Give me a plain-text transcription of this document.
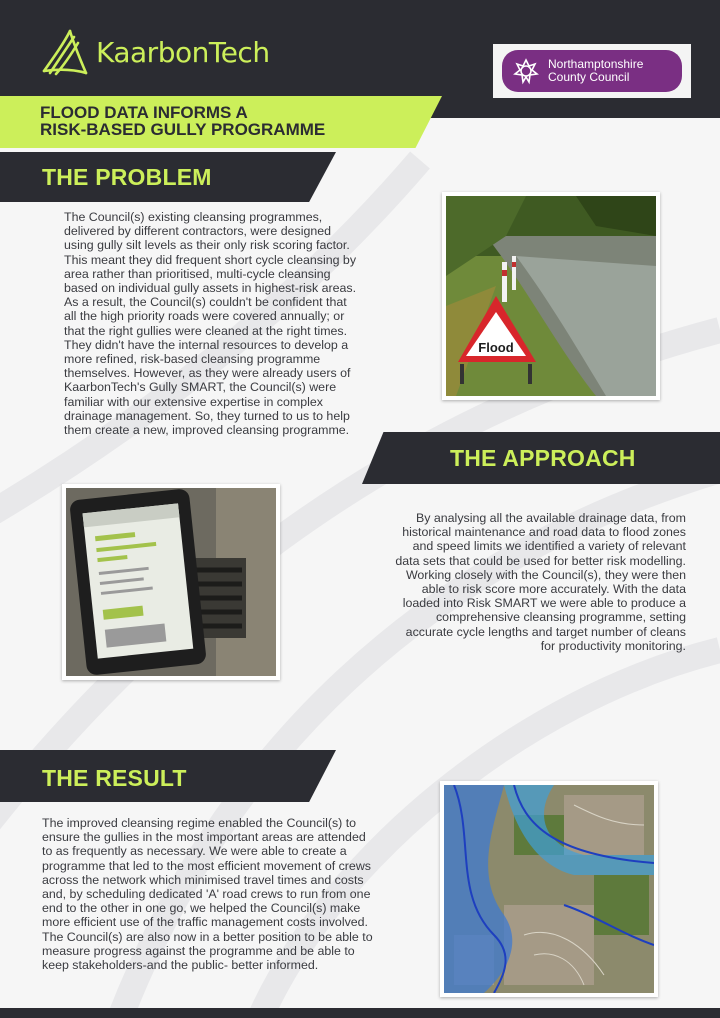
KaarbonTech	Northamptonshire
County Council
FLOOD DATA INFORMS A
RISK-BASED GULLY PROGRAMME
THE PROBLEM
The Council(s) existing cleansing programmes, delivered by different contractors, were designed using gully silt levels as their only risk scoring factor. This meant they did frequent short cycle cleansing by area rather than prioritised, multi-cycle cleansing based on individual gully assets in highest-risk areas. As a result, the Council(s) couldn't be confident that all the high priority roads were covered annually; or that the right gullies were cleaned at the right times. They didn't have the internal resources to develop a more refined, risk-based cleansing programme themselves. However, as they were already users of KaarbonTech's Gully SMART, the Council(s) were familiar with our extensive expertise in complex drainage management. So, they turned to us to help them create a new, improved cleansing programme.
Flood
THE APPROACH
By analysing all the available drainage data, from historical maintenance and road data to flood zones and speed limits we identified a variety of relevant data sets that could be used for better risk modelling. Working closely with the Council(s), they were then able to risk score more accurately. With the data loaded into Risk SMART we were able to produce a comprehensive cleansing programme, setting accurate cycle lengths and target number of cleans for productivity monitoring.
THE RESULT

The improved cleansing regime enabled the Council(s) to ensure the gullies in the most important areas are attended to as frequently as necessary. We were able to create a programme that led to the most efficient movement of crews across the network which minimised travel times and costs and, by scheduling dedicated 'A' road crews to run from one end to the other in one go, we helped the Council(s) make more efficient use of the traffic management costs involved.

The Council(s) are also now in a better position to be able to measure progress against the programme and be able to keep stakeholders-and the public- better informed.
